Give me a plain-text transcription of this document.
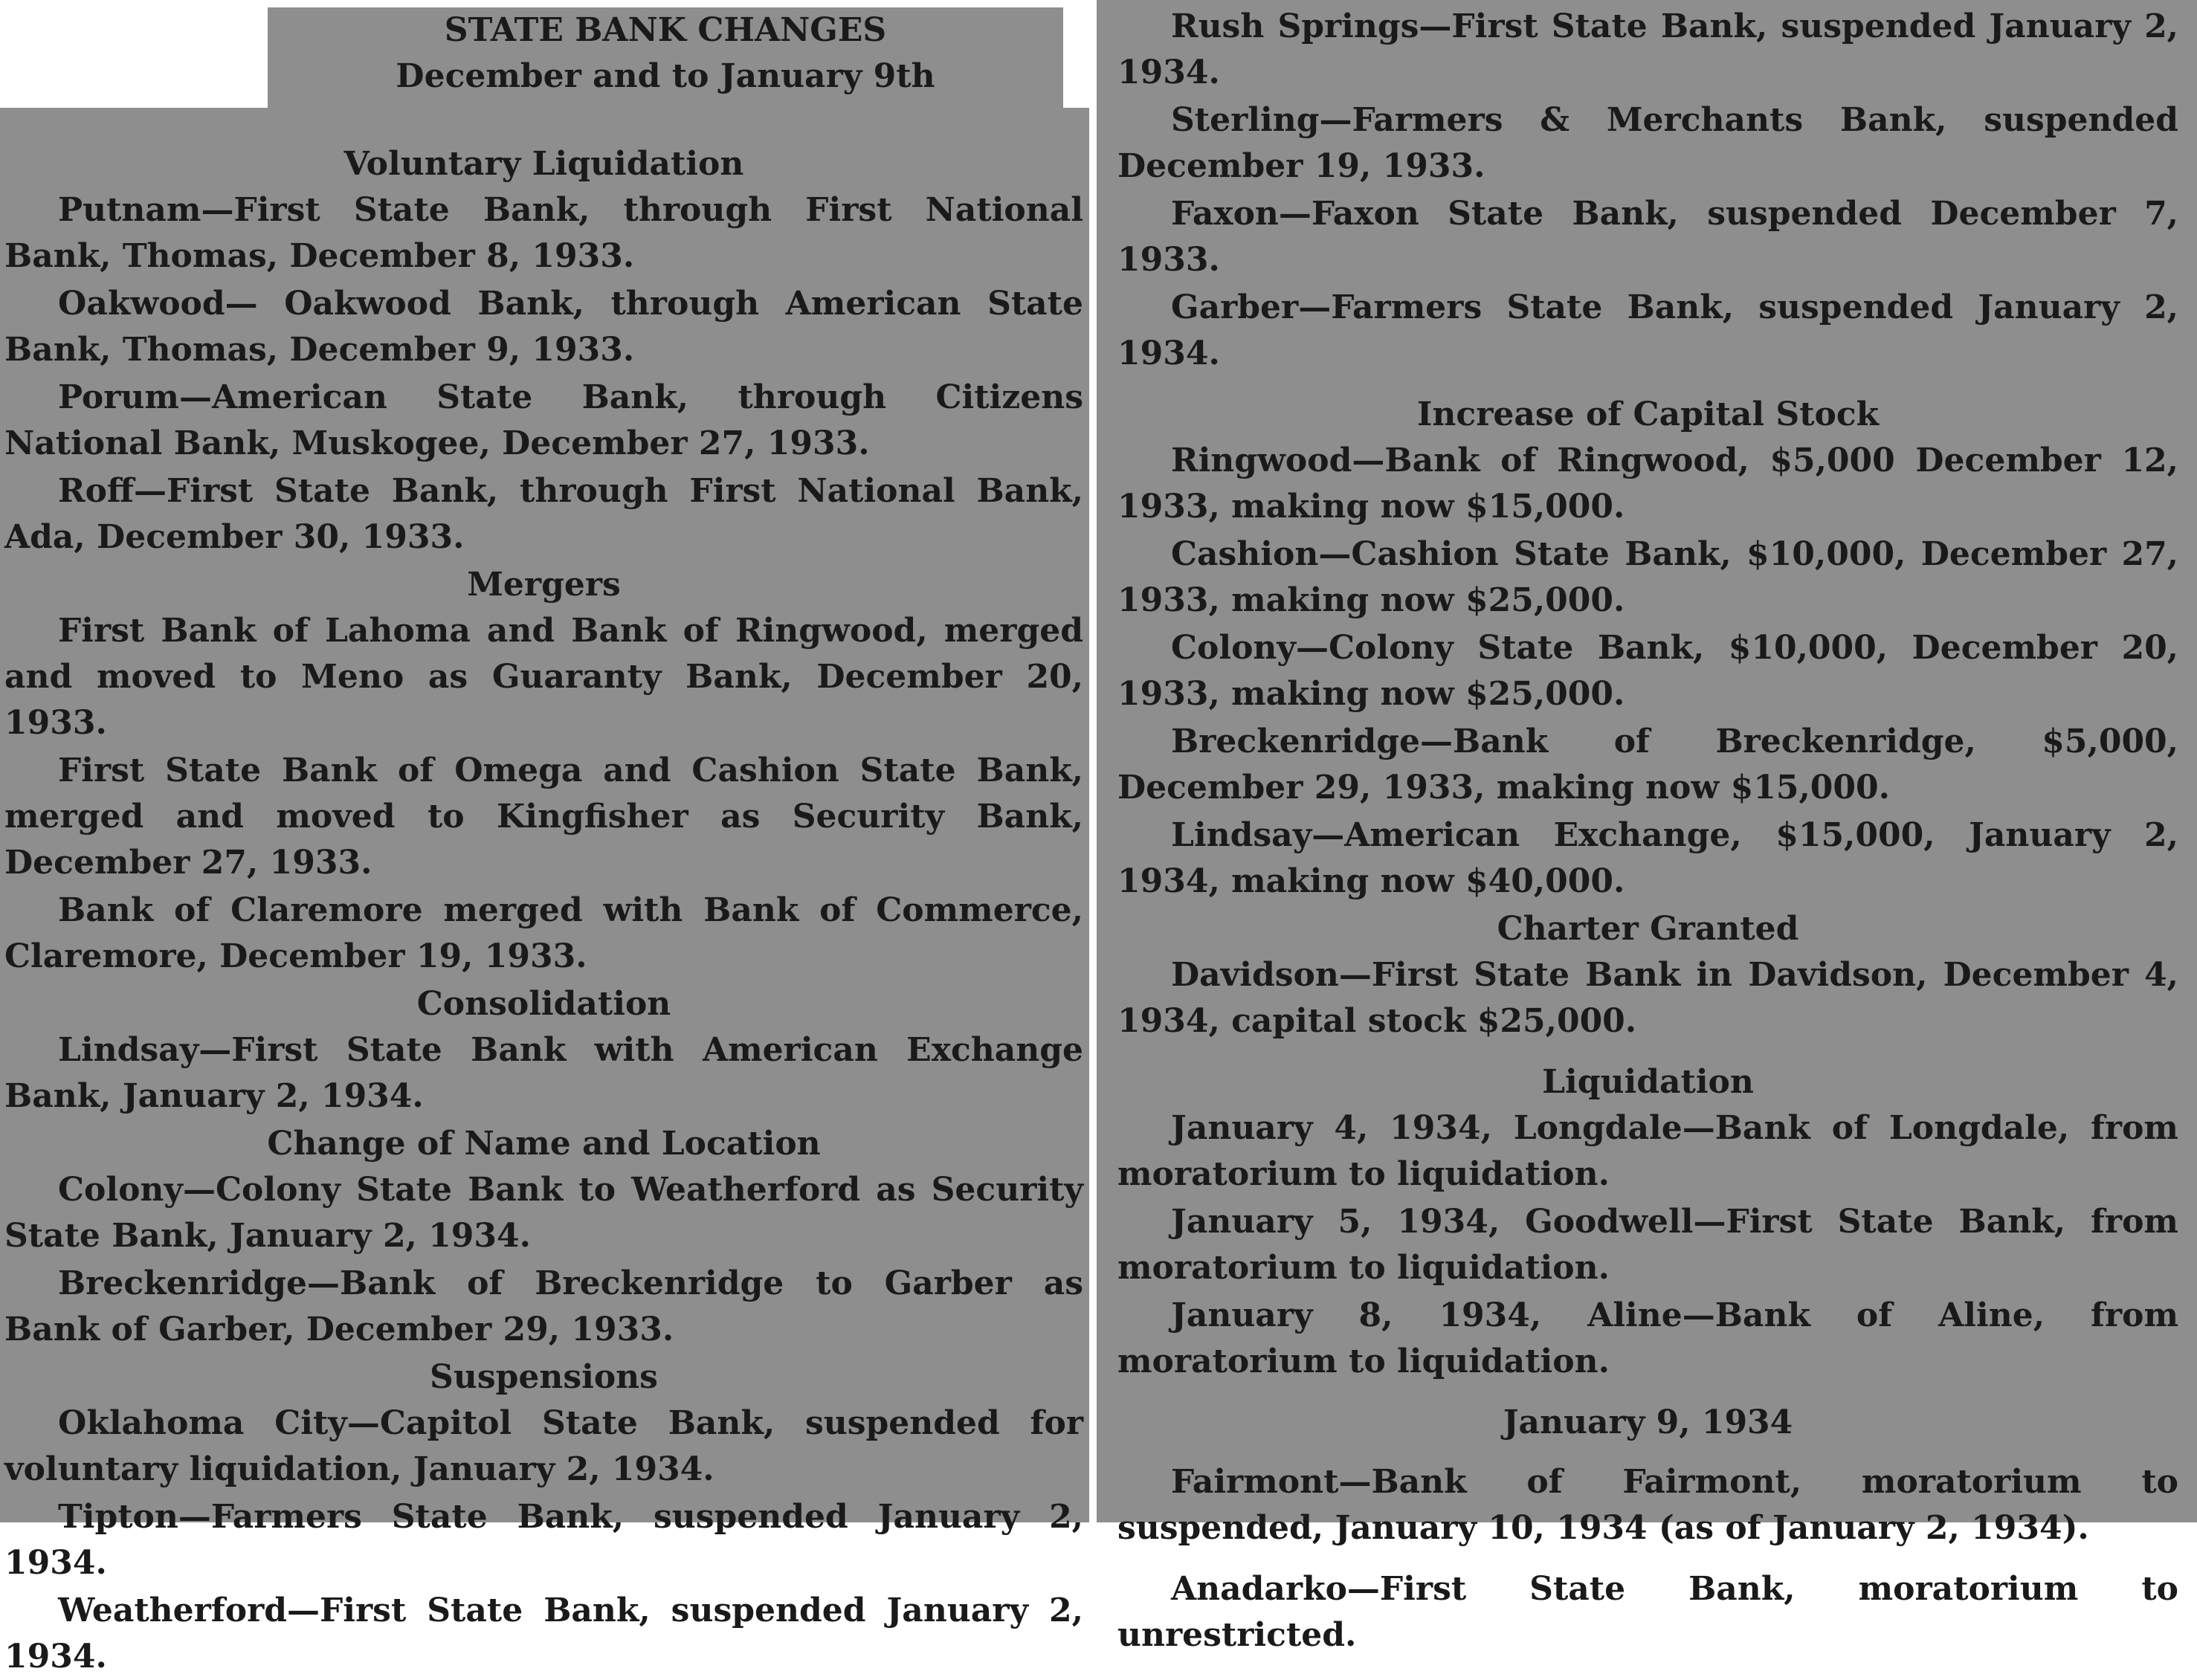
STATE BANK CHANGES
December and to January 9th
Voluntary Liquidation

Putnam—First State Bank, through First National Bank, Thomas, December 8, 1933.

Oakwood— Oakwood Bank, through American State Bank, Thomas, December 9, 1933.

Porum—American State Bank, through Citizens National Bank, Muskogee, December 27, 1933.

Roff—First State Bank, through First National Bank, Ada, December 30, 1933.

Mergers

First Bank of Lahoma and Bank of Ringwood, merged and moved to Meno as Guaranty Bank, December 20, 1933.

First State Bank of Omega and Cashion State Bank, merged and moved to Kingfisher as Security Bank, December 27, 1933.

Bank of Claremore merged with Bank of Commerce, Claremore, December 19, 1933.

Consolidation

Lindsay—First State Bank with American Exchange Bank, January 2, 1934.

Change of Name and Location

Colony—Colony State Bank to Weatherford as Security State Bank, January 2, 1934.

Breckenridge—Bank of Breckenridge to Garber as Bank of Garber, December 29, 1933.

Suspensions

Oklahoma City—Capitol State Bank, suspended for voluntary liquidation, January 2, 1934.

Tipton—Farmers State Bank, suspended January 2, 1934.

Weatherford—First State Bank, suspended January 2, 1934.

Rush Springs—First State Bank, suspended January 2, 1934.

Sterling—Farmers & Merchants Bank, suspended December 19, 1933.

Faxon—Faxon State Bank, suspended December 7, 1933.

Garber—Farmers State Bank, suspended January 2, 1934.

Increase of Capital Stock

Ringwood—Bank of Ringwood, $5,000 December 12, 1933, making now $15,000.

Cashion—Cashion State Bank, $10,000, December 27, 1933, making now $25,000.

Colony—Colony State Bank, $10,000, December 20, 1933, making now $25,000.

Breckenridge—Bank of Breckenridge, $5,000, December 29, 1933, making now $15,000.

Lindsay—American Exchange, $15,000, January 2, 1934, making now $40,000.

Charter Granted

Davidson—First State Bank in Davidson, December 4, 1934, capital stock $25,000.

Liquidation

January 4, 1934, Longdale—Bank of Longdale, from moratorium to liquidation.

January 5, 1934, Goodwell—First State Bank, from moratorium to liquidation.

January 8, 1934, Aline—Bank of Aline, from moratorium to liquidation.

January 9, 1934

Fairmont—Bank of Fairmont, moratorium to suspended, January 10, 1934 (as of January 2, 1934).

Anadarko—First State Bank, moratorium to unrestricted.
